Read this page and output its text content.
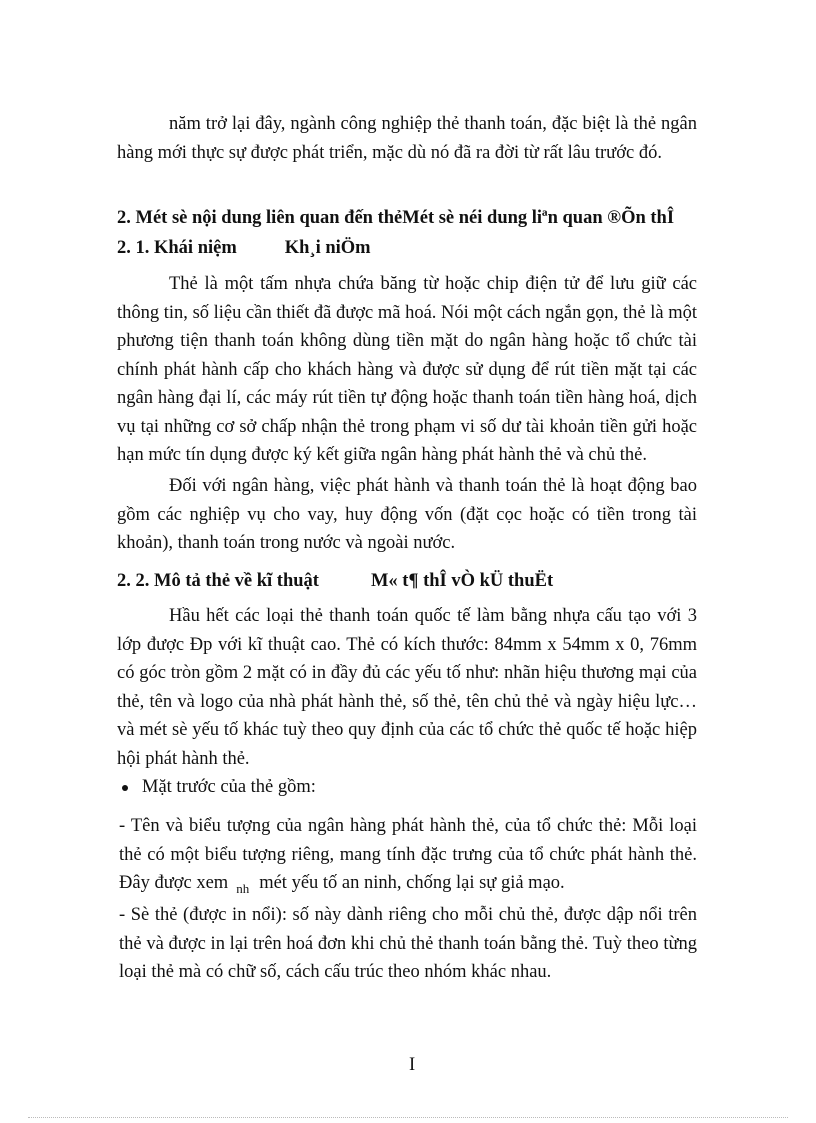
năm trở lại đây, ngành công nghiệp thẻ thanh toán, đặc biệt là thẻ ngân hàng mới thực sự được phát triển, mặc dù nó đã ra đời từ rất lâu trước đó.

2. Mét sè nội dung liên quan đến thẻMét sè néi dung liªn quan ®Õn thÎ

2. 1. Khái niệm	Kh¸i niÖm

Thẻ là một tấm nhựa chứa băng từ hoặc chip điện tử để lưu giữ các thông tin, số liệu cần thiết đã được mã hoá. Nói một cách ngắn gọn, thẻ là một phương tiện thanh toán không dùng tiền mặt do ngân hàng hoặc tổ chức tài chính phát hành cấp cho khách hàng và được sử dụng để rút tiền mặt tại các ngân hàng đại lí, các máy rút tiền tự động hoặc thanh toán tiền hàng hoá, dịch vụ tại những cơ sở chấp nhận thẻ trong phạm vi số dư tài khoản tiền gửi hoặc hạn mức tín dụng được ký kết giữa ngân hàng phát hành thẻ và chủ thẻ.

Đối với ngân hàng, việc phát hành và thanh toán thẻ là hoạt động bao gồm các nghiệp vụ cho vay, huy động vốn (đặt cọc hoặc có tiền trong tài khoản), thanh toán trong nước và ngoài nước.

2. 2. Mô tả thẻ về kĩ thuật	M« t¶ thÎ vÒ kÜ thuËt

Hầu hết các loại thẻ thanh toán quốc tế làm bằng nhựa cấu tạo với 3 lớp được Ðp với kĩ thuật cao. Thẻ có kích thước: 84mm x 54mm x 0, 76mm có góc tròn gồm 2 mặt có in đầy đủ các yếu tố như: nhãn hiệu thương mại của thẻ, tên và logo của nhà phát hành thẻ, số thẻ, tên chủ thẻ và ngày hiệu lực… và mét sè yếu tố khác tuỳ theo quy định của các tổ chức thẻ quốc tế hoặc hiệp hội phát hành thẻ.

Mặt trước của thẻ gồm:

- Tên và biểu tượng của ngân hàng phát hành thẻ, của tổ chức thẻ: Mỗi loại thẻ có một biểu tượng riêng, mang tính đặc trưng của tổ chức phát hành thẻ. Đây được xem $_{nh}$ mét yếu tố an ninh, chống lại sự giả mạo.

- Sè thẻ (được in nổi): số này dành riêng cho mỗi chủ thẻ, được dập nổi trên thẻ và được in lại trên hoá đơn khi chủ thẻ thanh toán bằng thẻ. Tuỳ theo từng loại thẻ mà có chữ số, cách cấu trúc theo nhóm khác nhau.

I
